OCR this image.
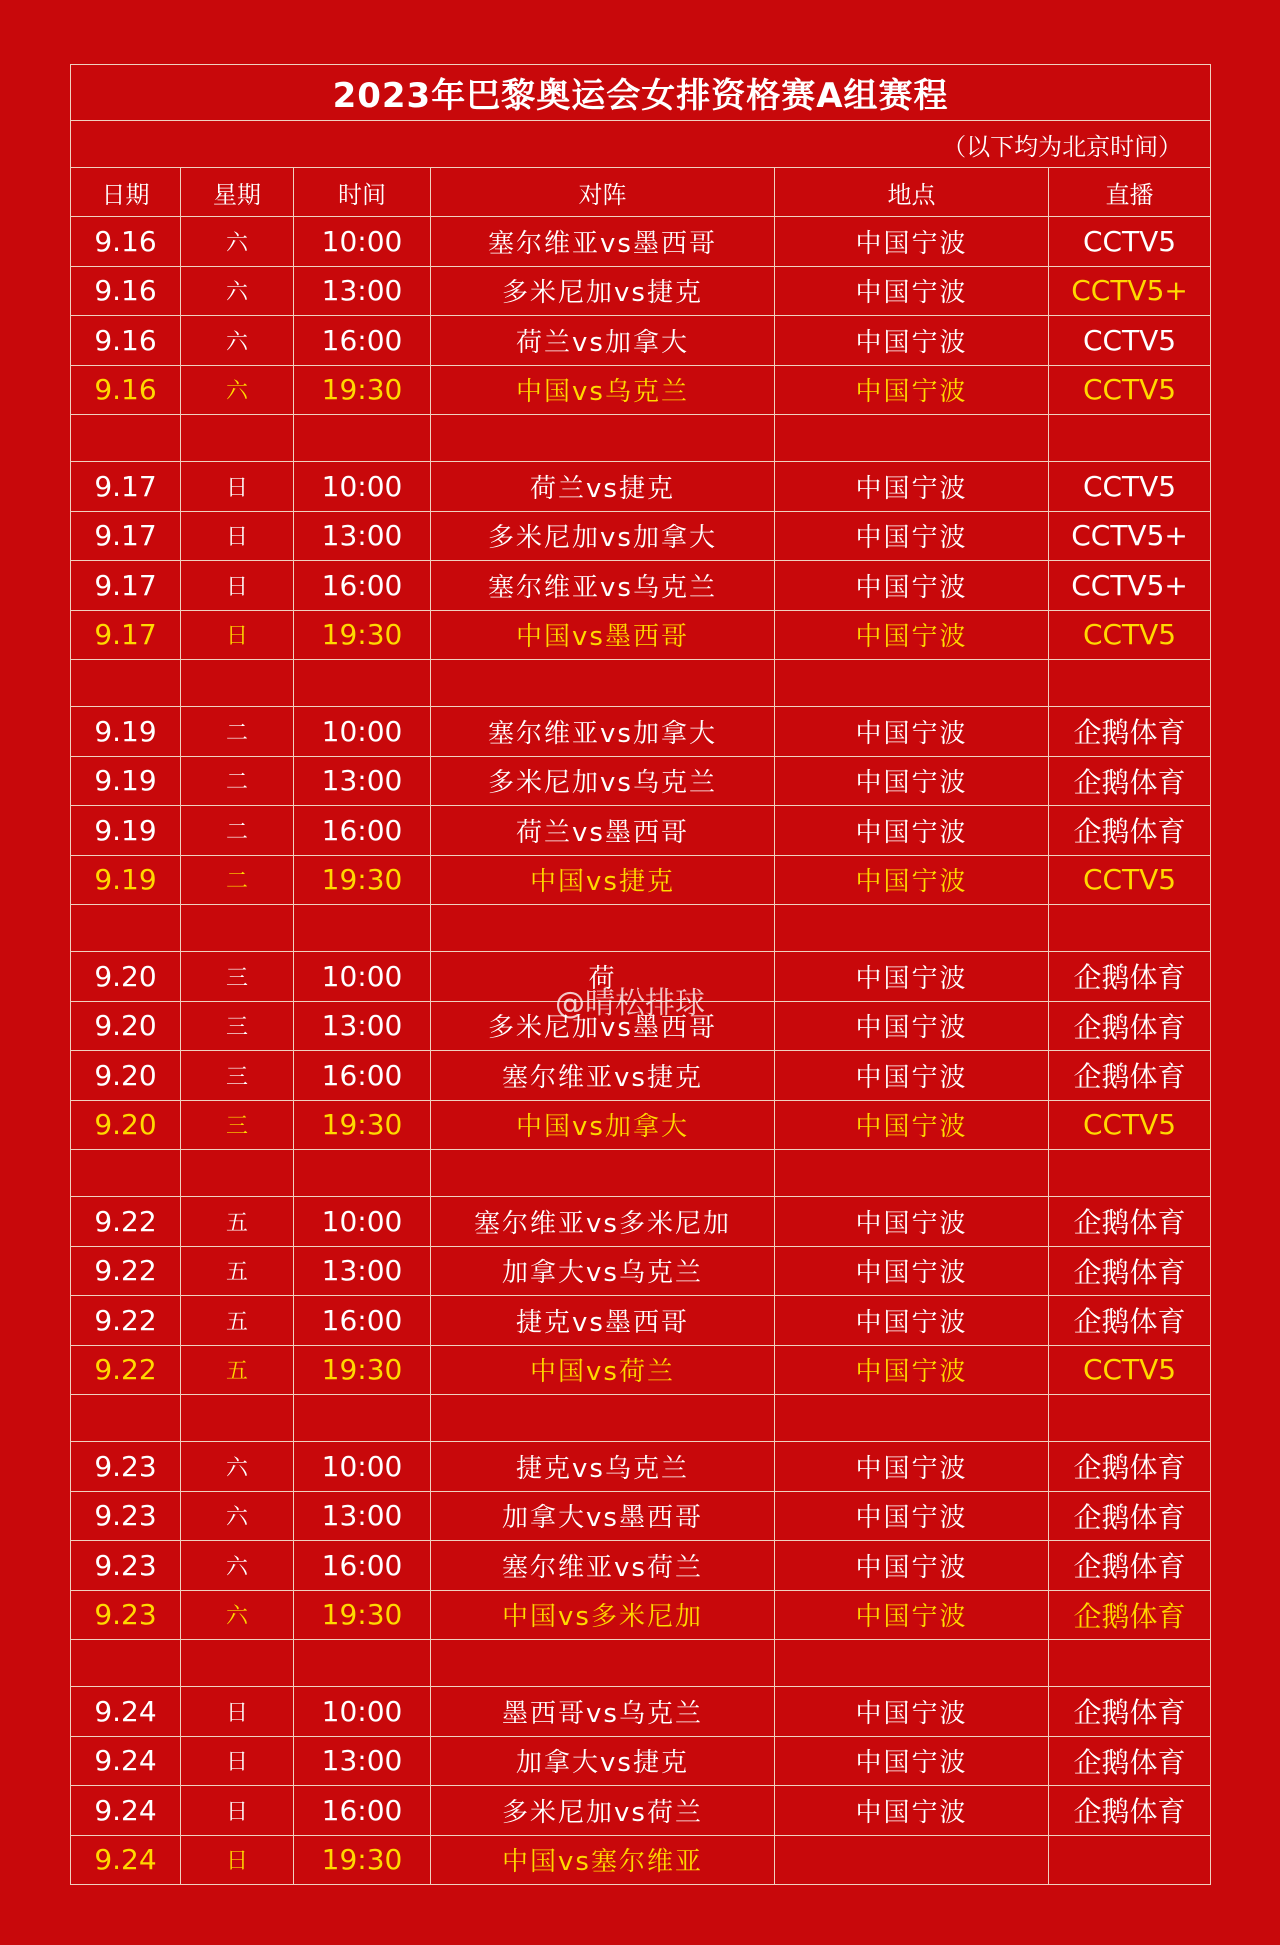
2023年巴黎奥运会女排资格赛A组赛程					
（以下均为北京时间）					
日期	星期	时间	对阵	地点	直播
9.16	六	10:00	塞尔维亚vs墨西哥	中国宁波	CCTV5
9.16	六	13:00	多米尼加vs捷克	中国宁波	CCTV5+
9.16	六	16:00	荷兰vs加拿大	中国宁波	CCTV5
9.16	六	19:30	中国vs乌克兰	中国宁波	CCTV5

9.17	日	10:00	荷兰vs捷克	中国宁波	CCTV5
9.17	日	13:00	多米尼加vs加拿大	中国宁波	CCTV5+
9.17	日	16:00	塞尔维亚vs乌克兰	中国宁波	CCTV5+
9.17	日	19:30	中国vs墨西哥	中国宁波	CCTV5

9.19	二	10:00	塞尔维亚vs加拿大	中国宁波	企鹅体育
9.19	二	13:00	多米尼加vs乌克兰	中国宁波	企鹅体育
9.19	二	16:00	荷兰vs墨西哥	中国宁波	企鹅体育
9.19	二	19:30	中国vs捷克	中国宁波	CCTV5

9.20	三	10:00	荷	中国宁波	企鹅体育
9.20	三	13:00	多米尼加vs墨西哥	中国宁波	企鹅体育
9.20	三	16:00	塞尔维亚vs捷克	中国宁波	企鹅体育
9.20	三	19:30	中国vs加拿大	中国宁波	CCTV5

9.22	五	10:00	塞尔维亚vs多米尼加	中国宁波	企鹅体育
9.22	五	13:00	加拿大vs乌克兰	中国宁波	企鹅体育
9.22	五	16:00	捷克vs墨西哥	中国宁波	企鹅体育
9.22	五	19:30	中国vs荷兰	中国宁波	CCTV5

9.23	六	10:00	捷克vs乌克兰	中国宁波	企鹅体育
9.23	六	13:00	加拿大vs墨西哥	中国宁波	企鹅体育
9.23	六	16:00	塞尔维亚vs荷兰	中国宁波	企鹅体育
9.23	六	19:30	中国vs多米尼加	中国宁波	企鹅体育

9.24	日	10:00	墨西哥vs乌克兰	中国宁波	企鹅体育
9.24	日	13:00	加拿大vs捷克	中国宁波	企鹅体育
9.24	日	16:00	多米尼加vs荷兰	中国宁波	企鹅体育
9.24	日	19:30	中国vs塞尔维亚		
@晴松排球
